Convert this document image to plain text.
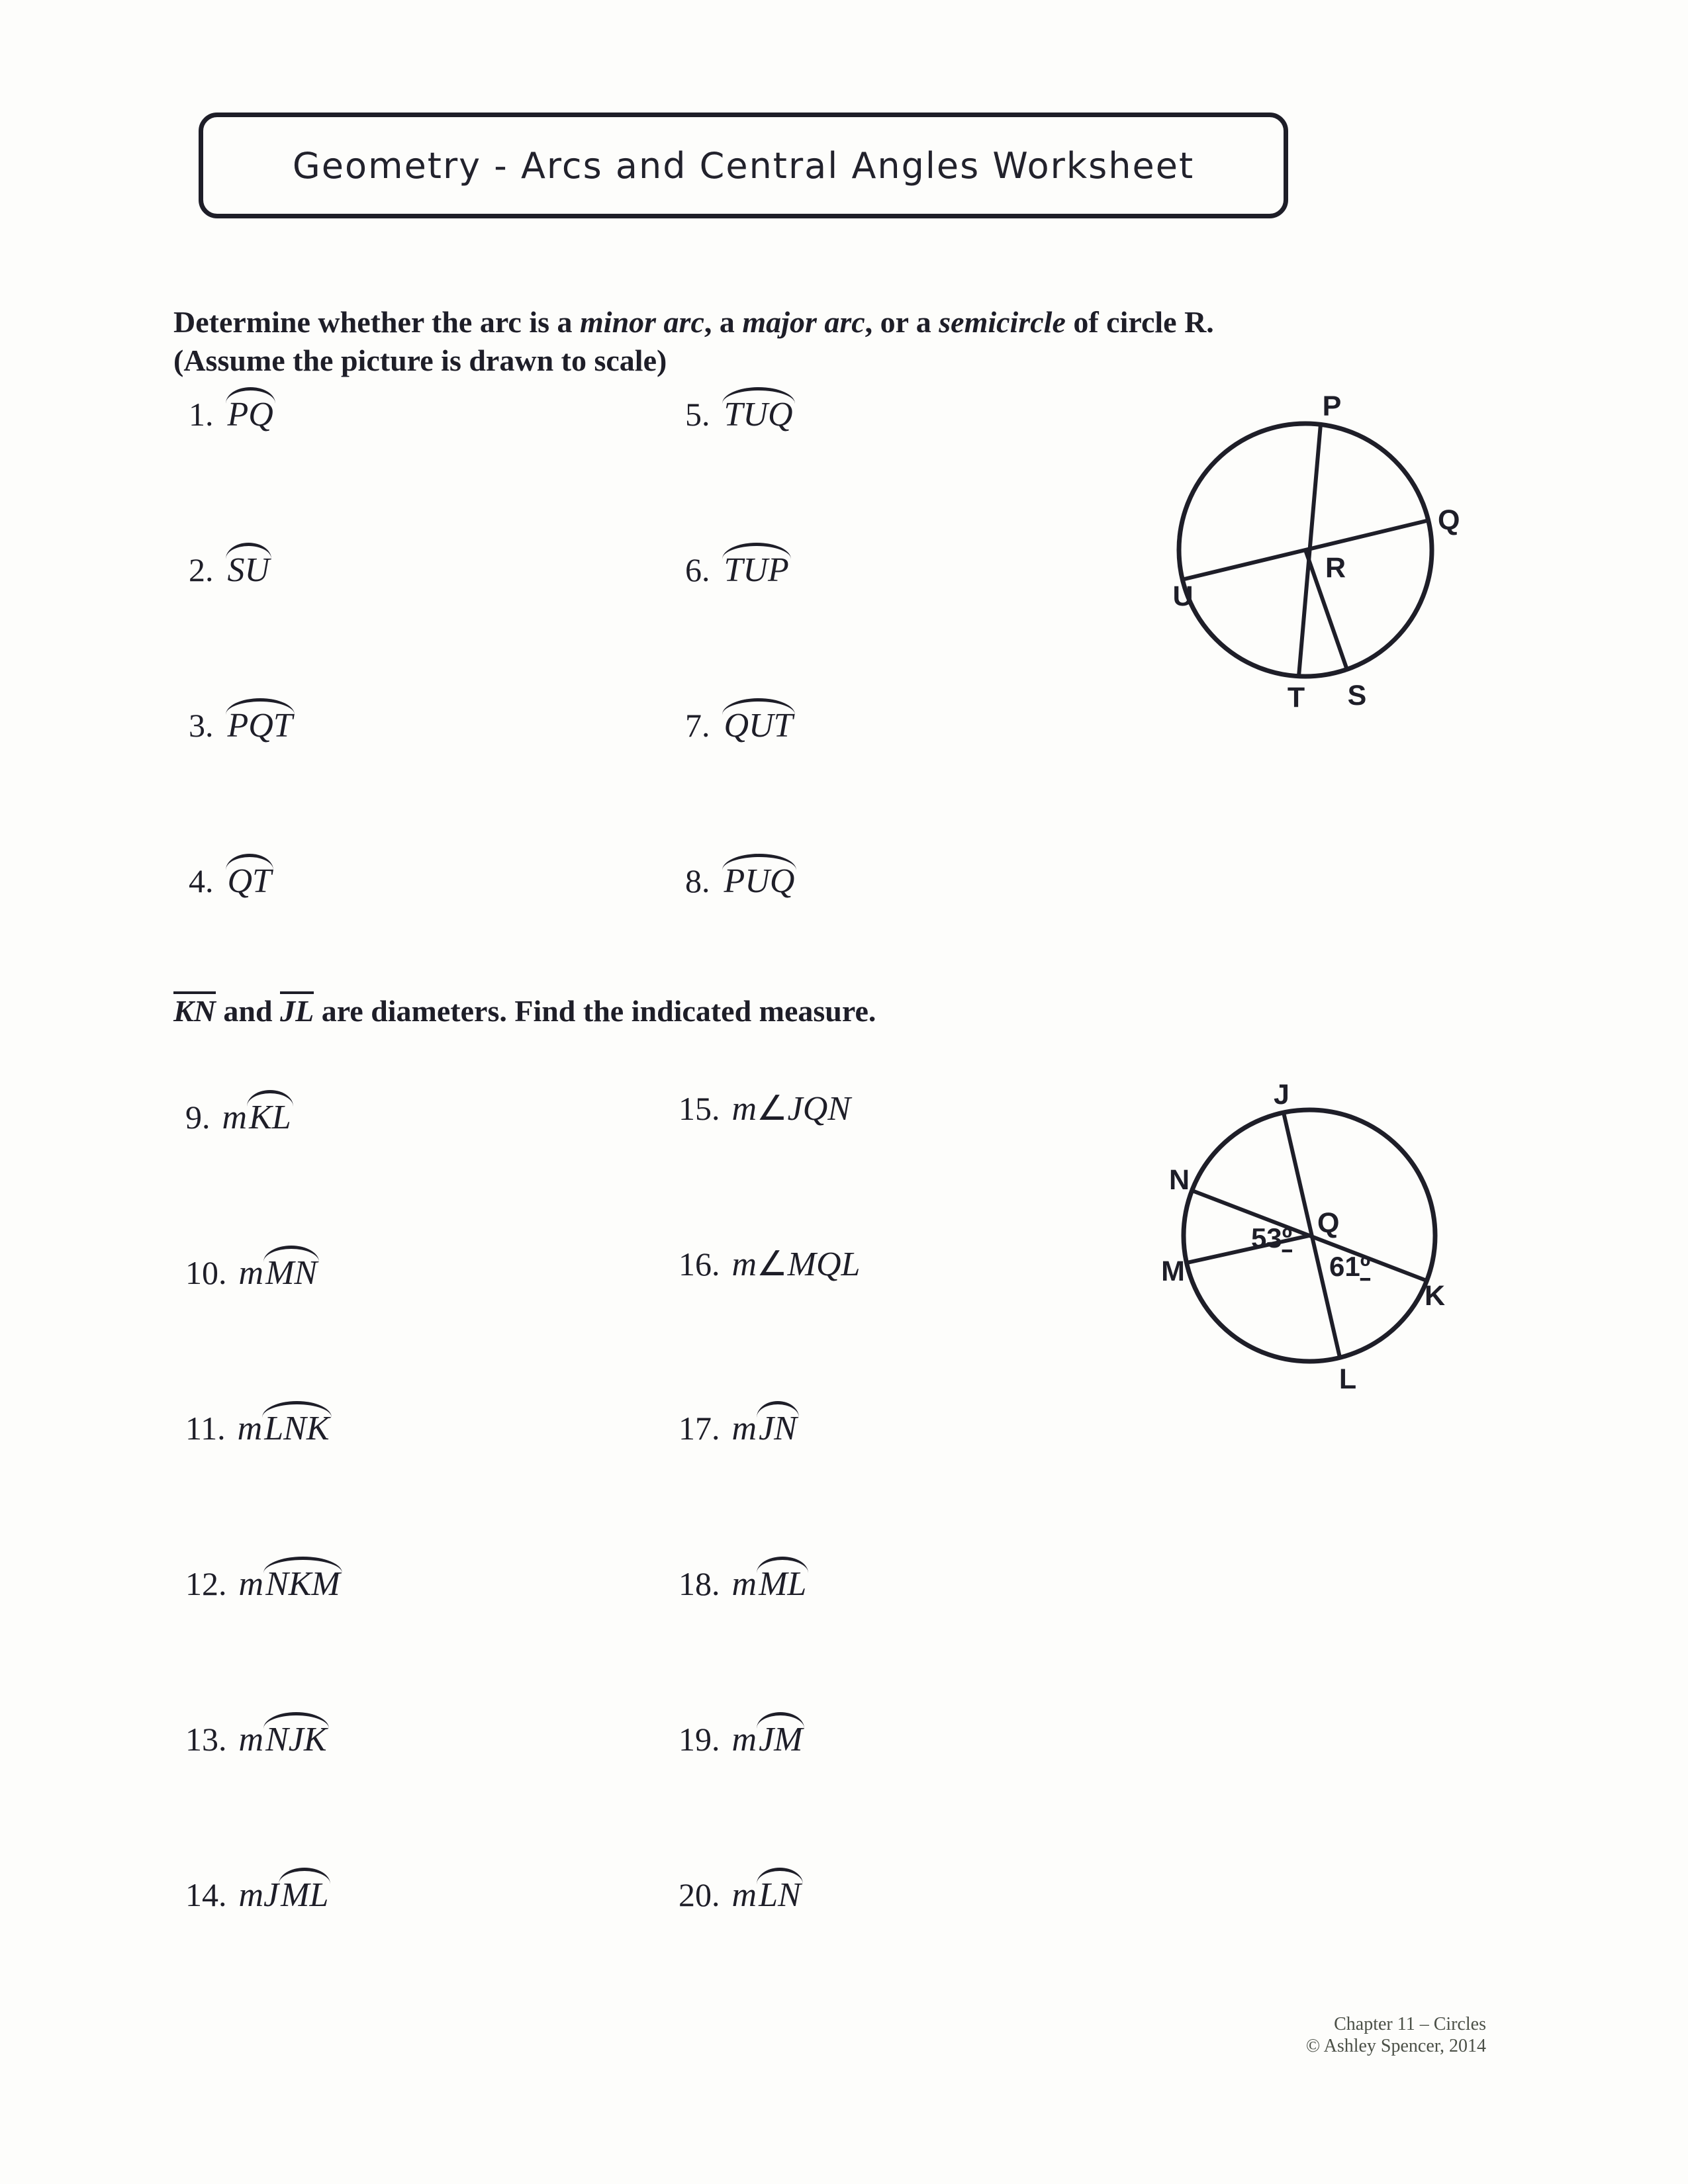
Geometry - Arcs and Central Angles Worksheet
Determine whether the arc is a minor arc, a major arc, or a semicircle of circle R.
(Assume the picture is drawn to scale)
1. PQ
2. SU
3. PQT
4. QT
5. TUQ
6. TUP
7. QUT
8. PUQ
P
Q
R
U
T S
KN and JL are diameters. Find the indicated measure.
9. mKL
10. mMN
11. mLNK
12. mNKM
13. mNJK
14. mJML
15. m∠JQN
16. m∠MQL
17. mJN
18. mML
19. mJM
20. mLN
J
N
M
Q
K
L
53º
61º
Chapter 11 – Circles
© Ashley Spencer, 2014
